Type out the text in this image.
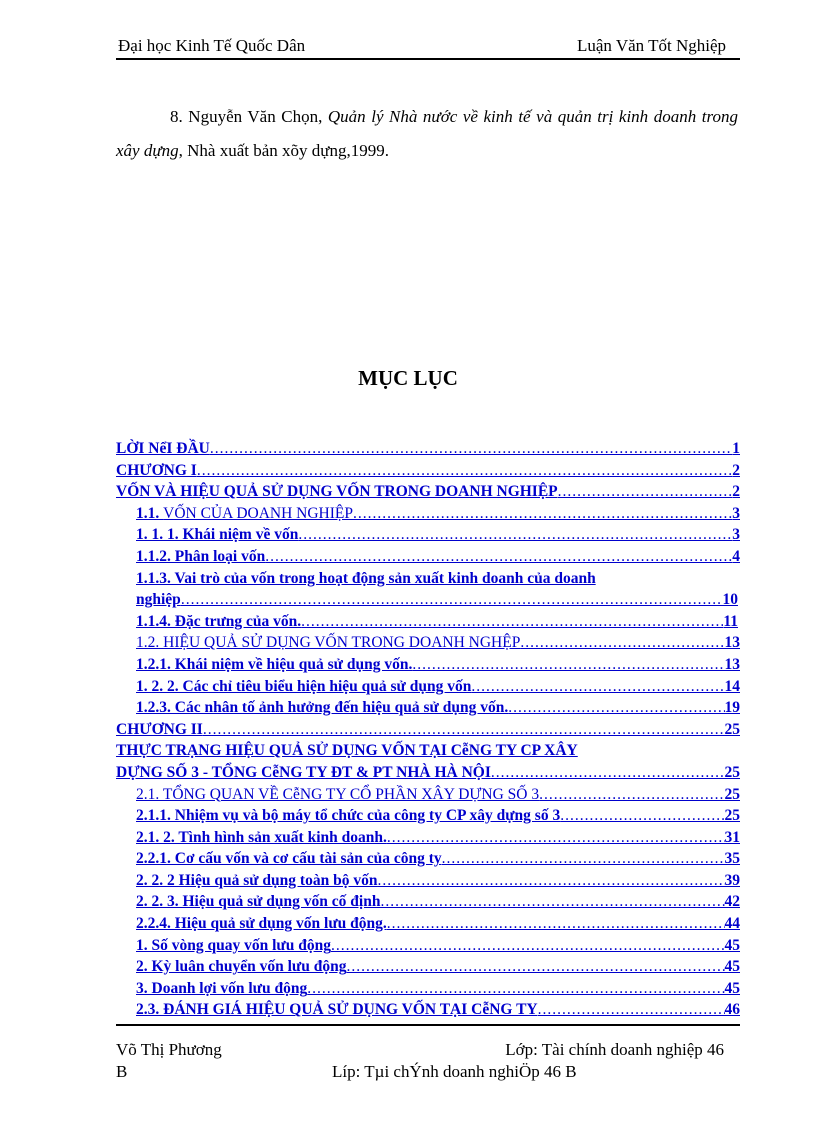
Đại học Kinh Tế Quốc Dân	Luận Văn Tốt Nghiệp
8. Nguyễn Văn Chọn, Quản lý Nhà nước về kinh tế và quản trị kinh doanh trong xây dựng, Nhà xuất bản xõy dựng,1999.
MỤC LỤC
LỜI NểI ĐẦU .....	1
CHƯƠNG I .....	2
VỐN VÀ HIỆU QUẢ SỬ DỤNG VỐN TRONG DOANH NGHIỆP .....	2
1.1. VỐN CỦA DOANH NGHIỆP .....	3
1. 1. 1. Khái niệm về vốn .....	3
1.1.2. Phân loại vốn .....	4
1.1.3. Vai trò của vốn trong hoạt động sản xuất kinh doanh của doanh
nghiệp .....	10
1.1.4. Đặc trưng của vốn. .....	11
1.2. HIỆU QUẢ SỬ DỤNG VỐN TRONG DOANH NGHỆP .....	13
1.2.1. Khái niệm về hiệu quả sử dụng vốn. .....	13
1. 2. 2. Các chỉ tiêu biểu hiện hiệu quả sử dụng vốn .....	14
1.2.3. Các nhân tố ảnh hưởng đến hiệu quả sử dụng vốn. .....	19
CHƯƠNG II .....	25
THỰC TRẠNG HIỆU QUẢ SỬ DỤNG VỐN TẠI CễNG TY CP XÂY
DỰNG SỐ 3 - TỔNG CễNG TY ĐT & PT NHÀ HÀ NỘI .....	25
2.1. TỔNG QUAN VỀ CễNG TY CỔ PHẦN XÂY DỰNG SỐ 3 .....	25
2.1.1. Nhiệm vụ và bộ máy tổ chức của công ty CP xây dựng số 3 .....	25
2.1. 2. Tình hình sản xuất kinh doanh. .....	31
2.2.1. Cơ cấu vốn và cơ cấu tài sản của công ty .....	35
2. 2. 2 Hiệu quả sử dụng toàn bộ vốn .....	39
2. 2. 3. Hiệu quả sử dụng vốn cố định .....	42
2.2.4. Hiệu quả sử dụng vốn lưu động. .....	44
1. Số vòng quay vốn lưu động .....	45
2. Kỳ luân chuyển vốn lưu động .....	45
3. Doanh lợi vốn lưu động .....	45
2.3. ĐÁNH GIÁ HIỆU QUẢ SỬ DỤNG VỐN TẠI CễNG TY .....	46
Võ Thị Phương	Lớp: Tài chính doanh nghiệp 46
B	Líp: Tµi chÝnh doanh nghiÖp 46 B
